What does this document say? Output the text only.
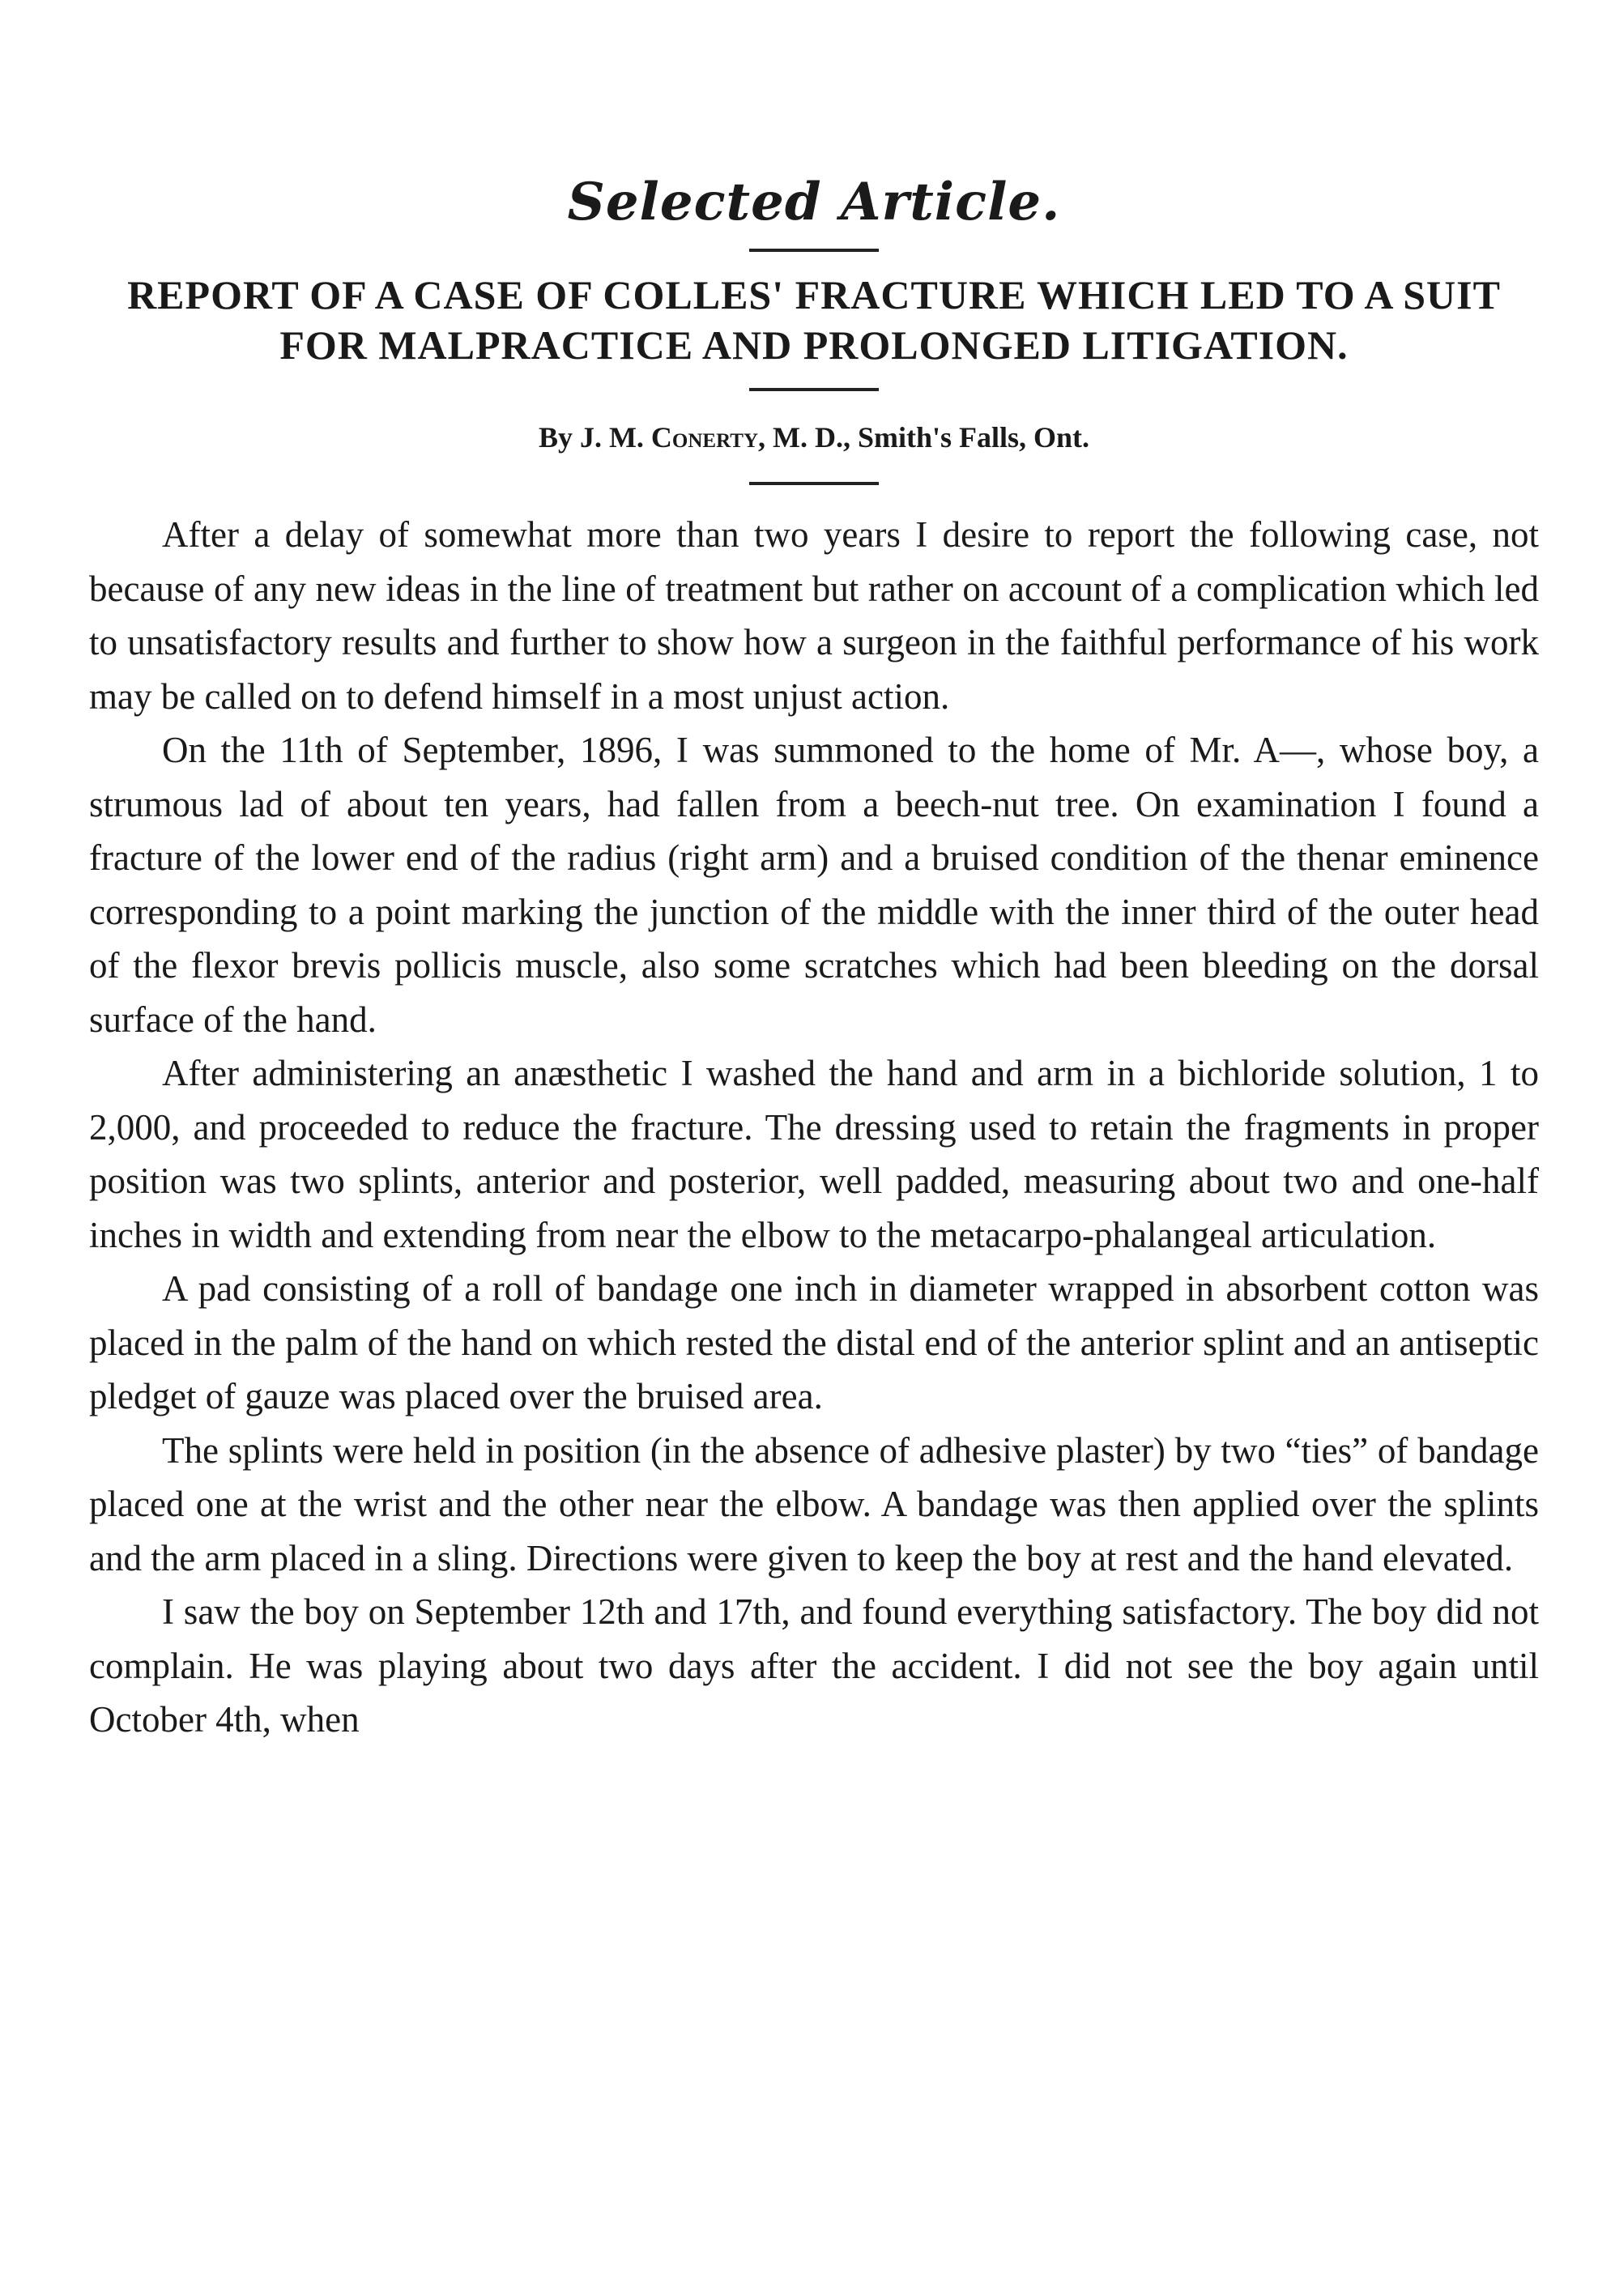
Selected Article.
REPORT OF A CASE OF COLLES' FRACTURE WHICH LED TO A SUIT FOR MALPRACTICE AND PROLONGED LITIGATION.
By J. M. Conerty, M. D., Smith's Falls, Ont.

After a delay of somewhat more than two years I desire to report the following case, not because of any new ideas in the line of treatment but rather on account of a complication which led to unsatisfactory results and further to show how a surgeon in the faithful performance of his work may be called on to defend himself in a most unjust action.

On the 11th of September, 1896, I was summoned to the home of Mr. A—, whose boy, a strumous lad of about ten years, had fallen from a beech-nut tree. On examination I found a fracture of the lower end of the radius (right arm) and a bruised condition of the thenar eminence corresponding to a point marking the junction of the middle with the inner third of the outer head of the flexor brevis pollicis muscle, also some scratches which had been bleeding on the dorsal surface of the hand.

After administering an anæsthetic I washed the hand and arm in a bichloride solution, 1 to 2,000, and proceeded to reduce the fracture. The dressing used to retain the fragments in proper position was two splints, anterior and posterior, well padded, measuring about two and one-half inches in width and extending from near the elbow to the metacarpo-phalangeal articulation.

A pad consisting of a roll of bandage one inch in diameter wrapped in absorbent cotton was placed in the palm of the hand on which rested the distal end of the anterior splint and an antiseptic pledget of gauze was placed over the bruised area.

The splints were held in position (in the absence of adhesive plaster) by two “ties” of bandage placed one at the wrist and the other near the elbow. A bandage was then applied over the splints and the arm placed in a sling. Directions were given to keep the boy at rest and the hand elevated.

I saw the boy on September 12th and 17th, and found everything satisfactory. The boy did not complain. He was playing about two days after the accident. I did not see the boy again until October 4th, when
